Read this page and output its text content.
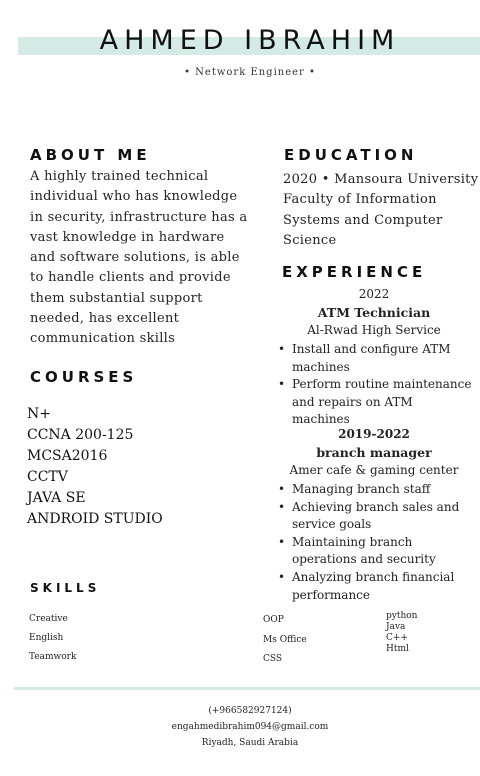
AHMED IBRAHIM
• Network Engineer •
ABOUT ME
A highly trained technical individual who has knowledge in security, infrastructure has a vast knowledge in hardware and software solutions, is able to handle clients and provide them substantial support needed, has excellent communication skills
COURSES
N+
CCNA 200-125
MCSA2016
CCTV
JAVA SE
ANDROID STUDIO
EDUCATION
2020 • Mansoura University Faculty of Information Systems and Computer Science
EXPERIENCE
2022
ATM Technician
Al-Rwad High Service
• Install and configure ATM machines
• Perform routine maintenance and repairs on ATM machines
2019-2022
branch manager
Amer cafe & gaming center
• Managing branch staff
• Achieving branch sales and service goals
• Maintaining branch operations and security
• Analyzing branch financial performance
SKILLS
Creative
English
Teamwork
OOP
Ms Office
CSS
python
Java
C++
Html
(+966582927124)
engahmedibrahim094@gmail.com
Riyadh, Saudi Arabia
